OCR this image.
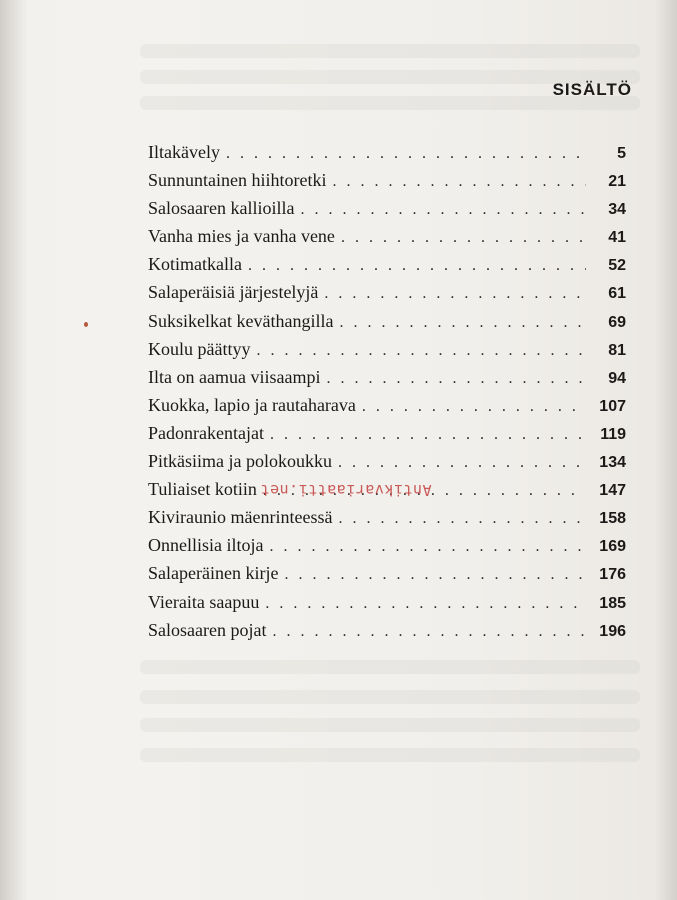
SISÄLTÖ
Iltakävely . . .	5
Sunnuntainen hiihtoretki . . .	21
Salosaaren kallioilla . . .	34
Vanha mies ja vanha vene . . .	41
Kotimatkalla . . .	52
Salaperäisiä järjestelyjä . . .	61
Suksikelkat keväthangilla . . .	69
Koulu päättyy . . .	81
Ilta on aamua viisaampi . . .	94
Kuokka, lapio ja rautaharava . . .	107
Padonrakentajat . . .	119
Pitkäsiima ja polokoukku . . .	134
Tuliaiset kotiin . . .	147
Kiviraunio mäenrinteessä . . .	158
Onnellisia iltoja . . .	169
Salaperäinen kirje . . .	176
Vieraita saapuu . . .	185
Salosaaren pojat . . .	196
Antikvariaatti.net
